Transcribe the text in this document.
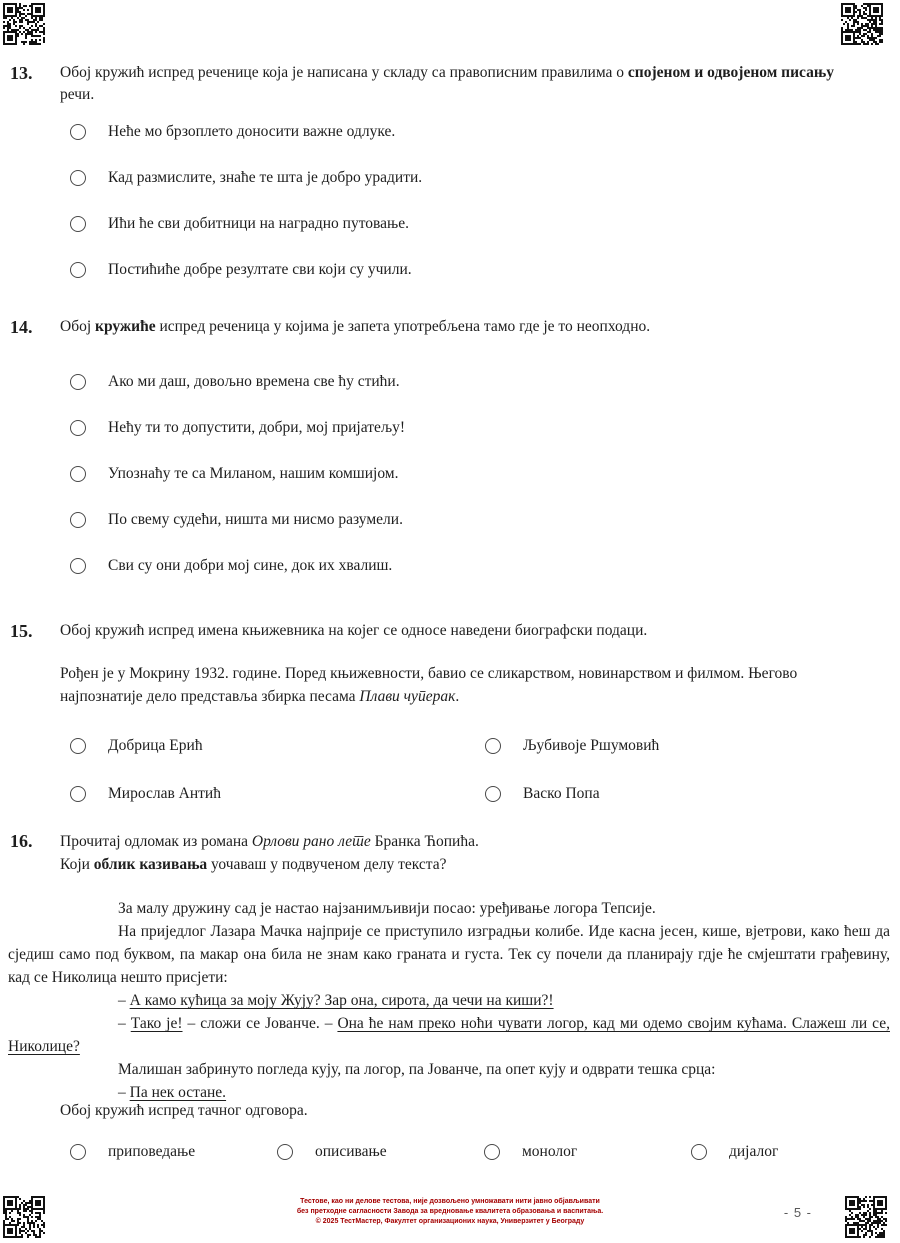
13.	Обој кружић испред реченице која је написана у складу са правописним правилима о спојеном и одвојеном писању речи.
Неће мо брзоплето доносити важне одлуке.
Кад размислите, знаће те шта је добро урадити.
Ићи ће сви добитници на наградно путовање.
Постићиће добре резултате сви који су учили.
14.	Обој кружиће испред реченица у којима је запета употребљена тамо где је то неопходно.
Ако ми даш, довољно времена све ћу стићи.
Нећу ти то допустити, добри, мој пријатељу!
Упознаћу те са Миланом, нашим комшијом.
По свему судећи, ништа ми нисмо разумели.
Сви су они добри мој сине, док их хвалиш.
15.	Обој кружић испред имена књижевника на којег се односе наведени биографски подаци.
Рођен је у Мокрину 1932. године. Поред књижевности, бавио се сликарством, новинарством и филмом. Његово најпознатије дело представља збирка песама Плави чуперак.
Добрица Ерић	Љубивоје Ршумовић
Мирослав Антић	Васко Попа
16.	Прочитај одломак из романа Орлови рано лете Бранка Ћопића.
Који облик казивања уочаваш у подвученом делу текста?

За малу дружину сад је настао најзанимљивији посао: уређивање логора Тепсије.

На приједлог Лазара Мачка најприје се приступило изградњи колибе. Иде касна јесен, кише, вјетрови, како ћеш да сједиш само под буквом, па макар она била не знам како граната и густа. Тек су почели да планирају гдје ће смјештати грађевину, кад се Николица нешто присјети:

– А камо кућица за моју Жују? Зар она, сирота, да чечи на киши?!

– Тако је! – сложи се Јованче. – Она ће нам преко ноћи чувати логор, кад ми одемо својим кућама. Слажеш ли се, Николице?

Малишан забринуто погледа кују, па логор, па Јованче, па опет кују и одврати тешка срца:

– Па нек остане.

Обој кружић испред тачног одговора.
приповедање	описивање	монолог	дијалог
Тестове, као ни делове тестова, није дозвољено умножавати нити јавно објављивати
без претходне сагласности Завода за вредновање квалитета образовања и васпитања.
© 2025 ТестМастер, Факултет организационих наука, Универзитет у Београду
- 5 -
